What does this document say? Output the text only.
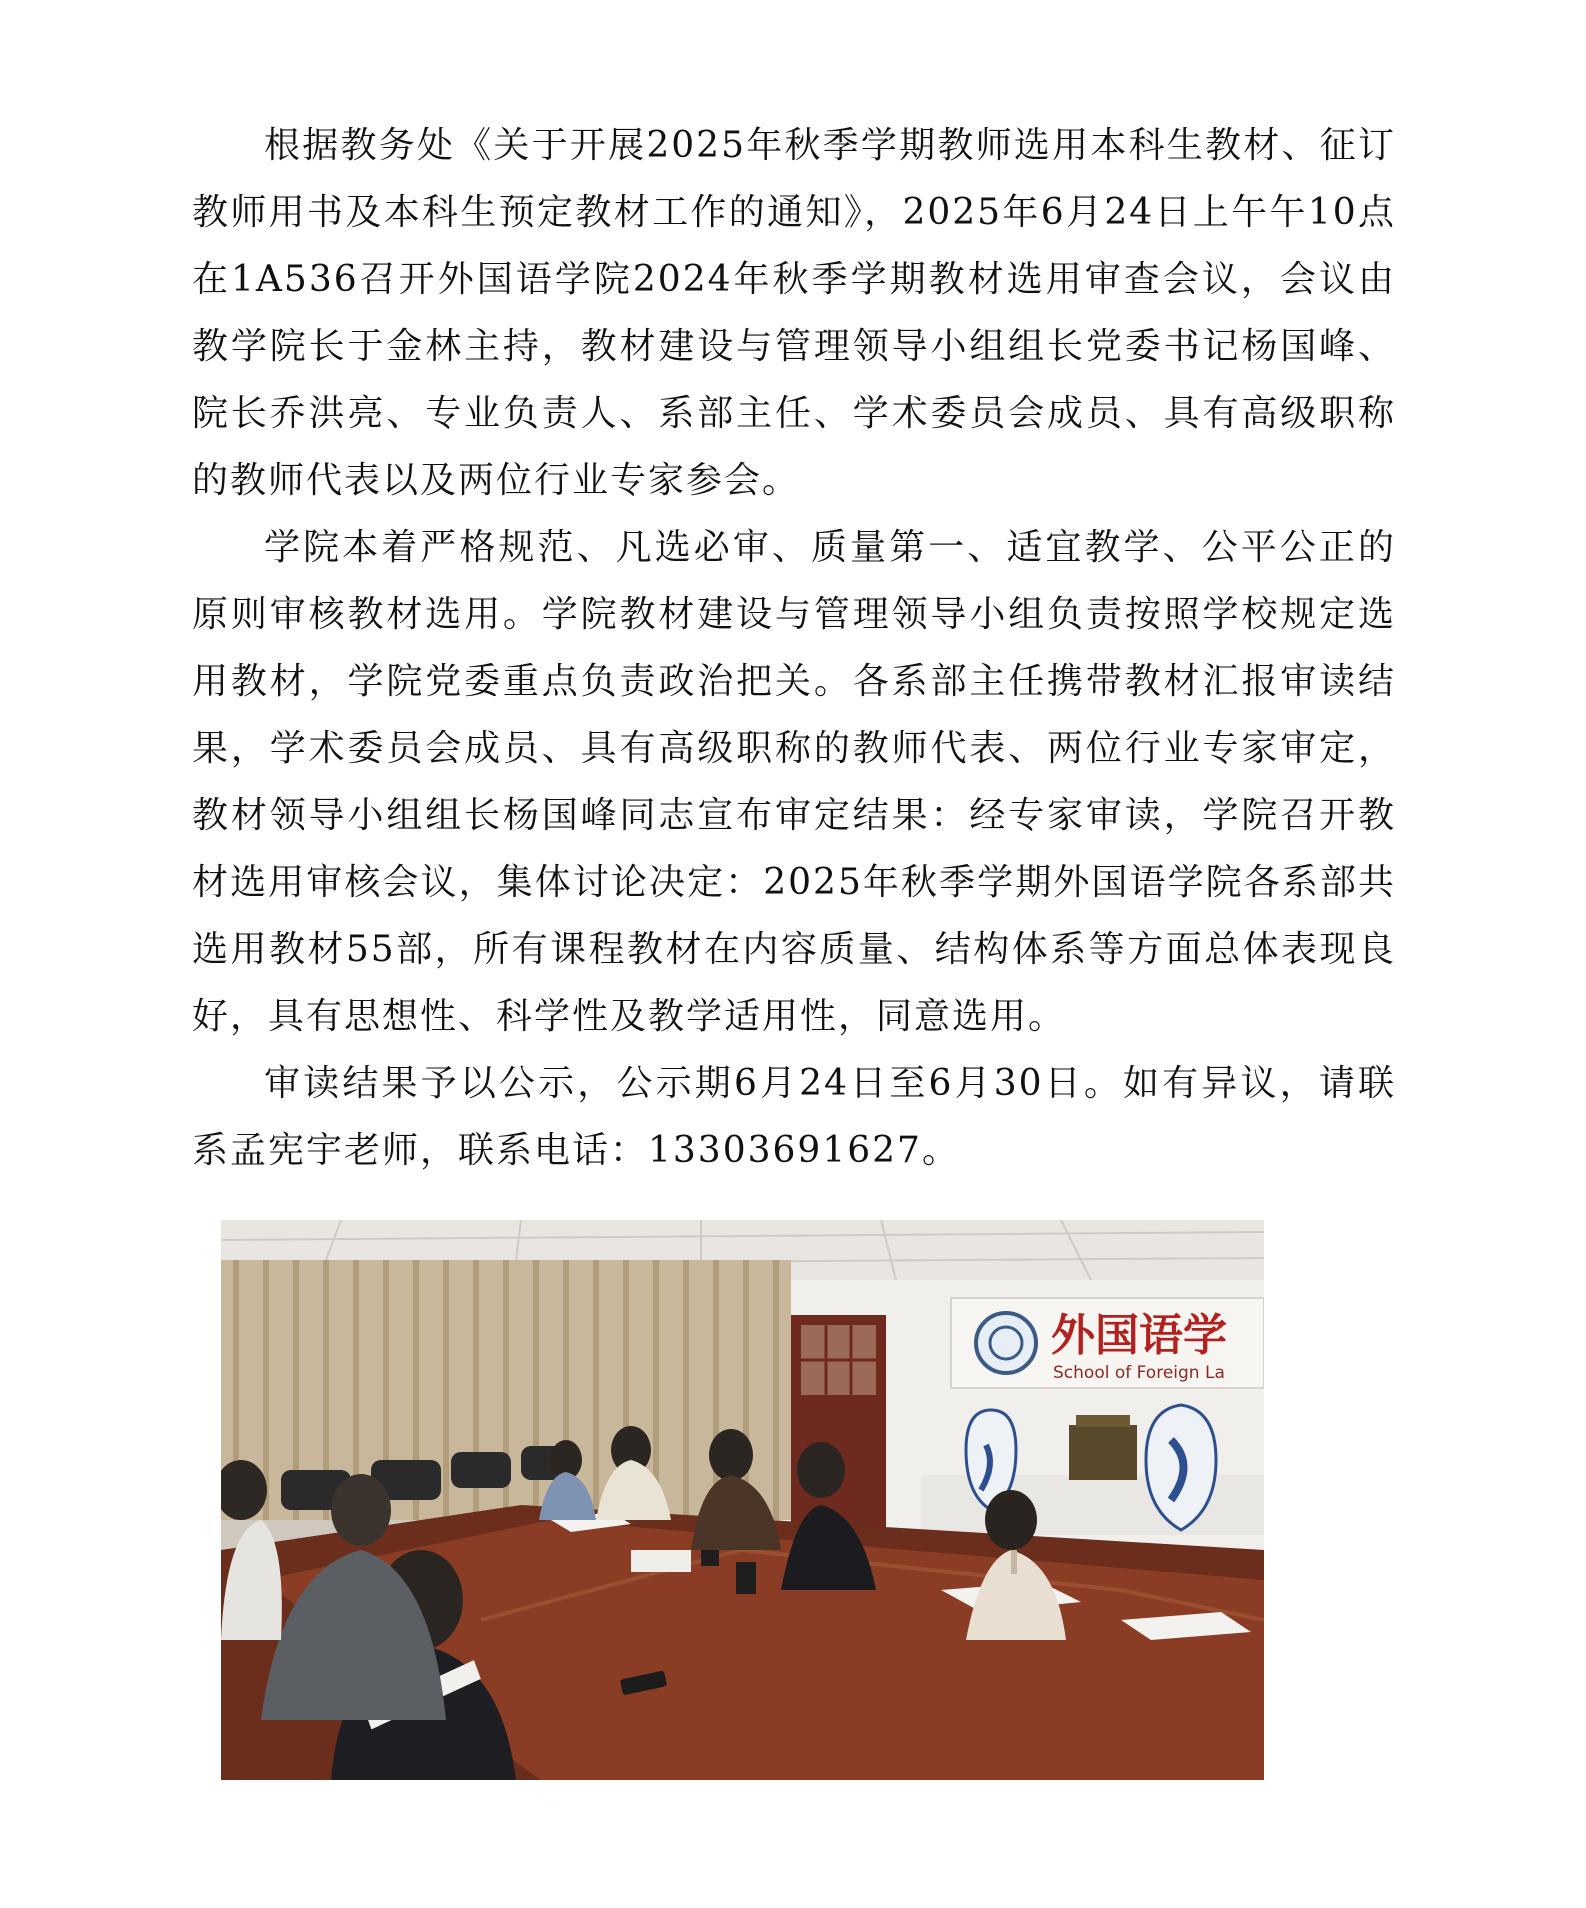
根据教务处《关于开展2025年秋季学期教师选用本科生教材、征订教师用书及本科生预定教材工作的通知》，2025年6月24日上午午10点在1A536召开外国语学院2024年秋季学期教材选用审查会议，会议由教学院长于金林主持，教材建设与管理领导小组组长党委书记杨国峰、院长乔洪亮、专业负责人、系部主任、学术委员会成员、具有高级职称的教师代表以及两位行业专家参会。

学院本着严格规范、凡选必审、质量第一、适宜教学、公平公正的原则审核教材选用。学院教材建设与管理领导小组负责按照学校规定选用教材，学院党委重点负责政治把关。各系部主任携带教材汇报审读结果，学术委员会成员、具有高级职称的教师代表、两位行业专家审定，教材领导小组组长杨国峰同志宣布审定结果：经专家审读，学院召开教材选用审核会议，集体讨论决定：2025年秋季学期外国语学院各系部共选用教材55部，所有课程教材在内容质量、结构体系等方面总体表现良好，具有思想性、科学性及教学适用性，同意选用。

审读结果予以公示，公示期6月24日至6月30日。如有异议，请联系孟宪宇老师，联系电话：13303691627。

外国语学
School of Foreign La
